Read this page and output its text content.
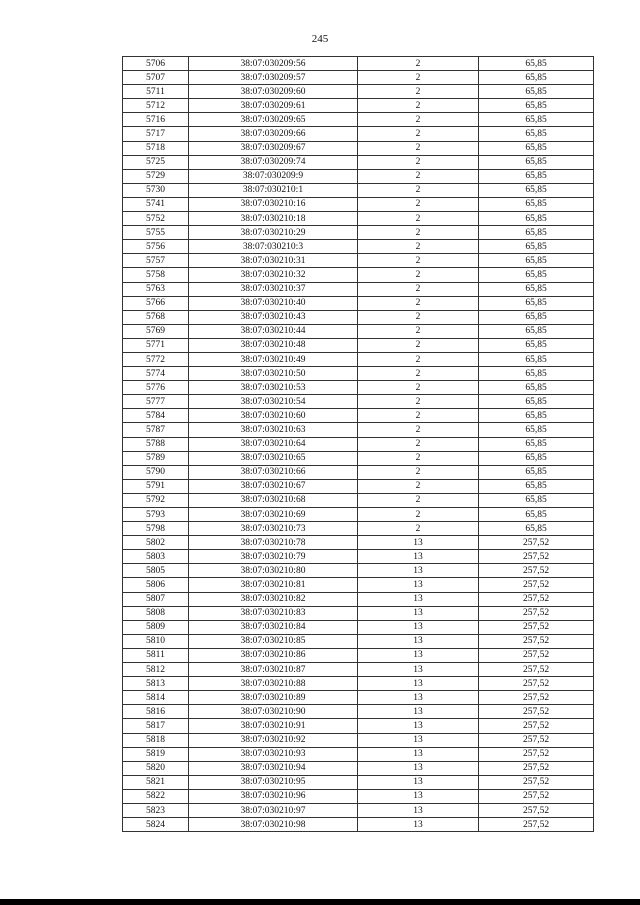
245
5706	38:07:030209:56	2	65,85
5707	38:07:030209:57	2	65,85
5711	38:07:030209:60	2	65,85
5712	38:07:030209:61	2	65,85
5716	38:07:030209:65	2	65,85
5717	38:07:030209:66	2	65,85
5718	38:07:030209:67	2	65,85
5725	38:07:030209:74	2	65,85
5729	38:07:030209:9	2	65,85
5730	38:07:030210:1	2	65,85
5741	38:07:030210:16	2	65,85
5752	38:07:030210:18	2	65,85
5755	38:07:030210:29	2	65,85
5756	38:07:030210:3	2	65,85
5757	38:07:030210:31	2	65,85
5758	38:07:030210:32	2	65,85
5763	38:07:030210:37	2	65,85
5766	38:07:030210:40	2	65,85
5768	38:07:030210:43	2	65,85
5769	38:07:030210:44	2	65,85
5771	38:07:030210:48	2	65,85
5772	38:07:030210:49	2	65,85
5774	38:07:030210:50	2	65,85
5776	38:07:030210:53	2	65,85
5777	38:07:030210:54	2	65,85
5784	38:07:030210:60	2	65,85
5787	38:07:030210:63	2	65,85
5788	38:07:030210:64	2	65,85
5789	38:07:030210:65	2	65,85
5790	38:07:030210:66	2	65,85
5791	38:07:030210:67	2	65,85
5792	38:07:030210:68	2	65,85
5793	38:07:030210:69	2	65,85
5798	38:07:030210:73	2	65,85
5802	38:07:030210:78	13	257,52
5803	38:07:030210:79	13	257,52
5805	38:07:030210:80	13	257,52
5806	38:07:030210:81	13	257,52
5807	38:07:030210:82	13	257,52
5808	38:07:030210:83	13	257,52
5809	38:07:030210:84	13	257,52
5810	38:07:030210:85	13	257,52
5811	38:07:030210:86	13	257,52
5812	38:07:030210:87	13	257,52
5813	38:07:030210:88	13	257,52
5814	38:07:030210:89	13	257,52
5816	38:07:030210:90	13	257,52
5817	38:07:030210:91	13	257,52
5818	38:07:030210:92	13	257,52
5819	38:07:030210:93	13	257,52
5820	38:07:030210:94	13	257,52
5821	38:07:030210:95	13	257,52
5822	38:07:030210:96	13	257,52
5823	38:07:030210:97	13	257,52
5824	38:07:030210:98	13	257,52
